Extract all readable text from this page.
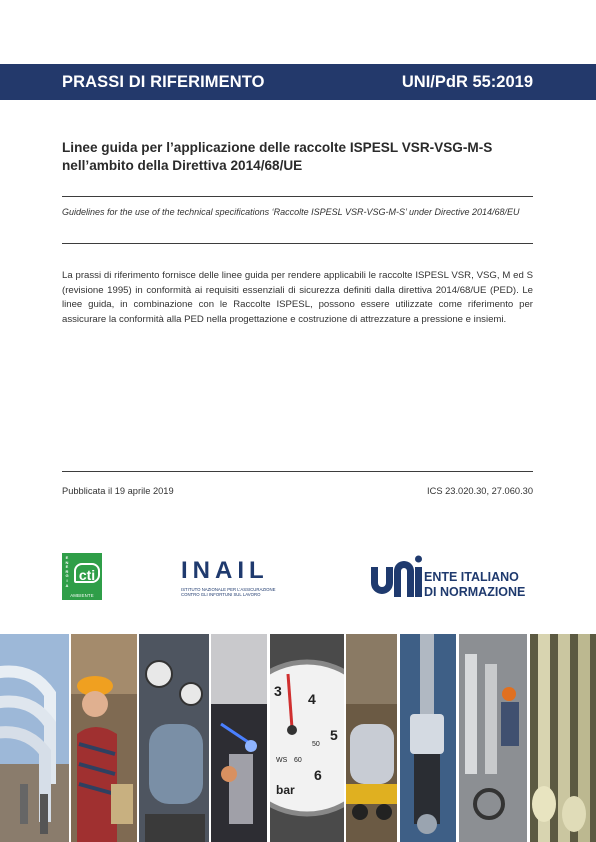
PRASSI DI RIFERIMENTO	UNI/PdR 55:2019
Linee guida per l’applicazione delle raccolte ISPESL VSR-VSG-M-S
nell’ambito della Direttiva 2014/68/UE
Guidelines for the use of the technical specifications ‘Raccolte ISPESL VSR-VSG-M-S’ under Directive 2014/68/EU
La prassi di riferimento fornisce delle linee guida per rendere applicabili le raccolte ISPESL VSR, VSG, M ed S (revisione 1995) in conformità ai requisiti essenziali di sicurezza definiti dalla direttiva 2014/68/UE (PED). Le linee guida, in combinazione con le Raccolte ISPESL, possono essere utilizzate come riferimento per assicurare la conformità alla PED nella progettazione e costruzione di attrezzature a pressione e insiemi.
Pubblicata il 19 aprile 2019	ICS 23.020.30, 27.060.30
E
N
E
R
G
I
A
cti
AMBIENTE
INAIL
ISTITUTO NAZIONALE PER L’ASSICURAZIONE CONTRO GLI INFORTUNI SUL LAVORO
ENTE ITALIANO
DI NORMAZIONE
3 4
5
6
50
60
WS
bar
